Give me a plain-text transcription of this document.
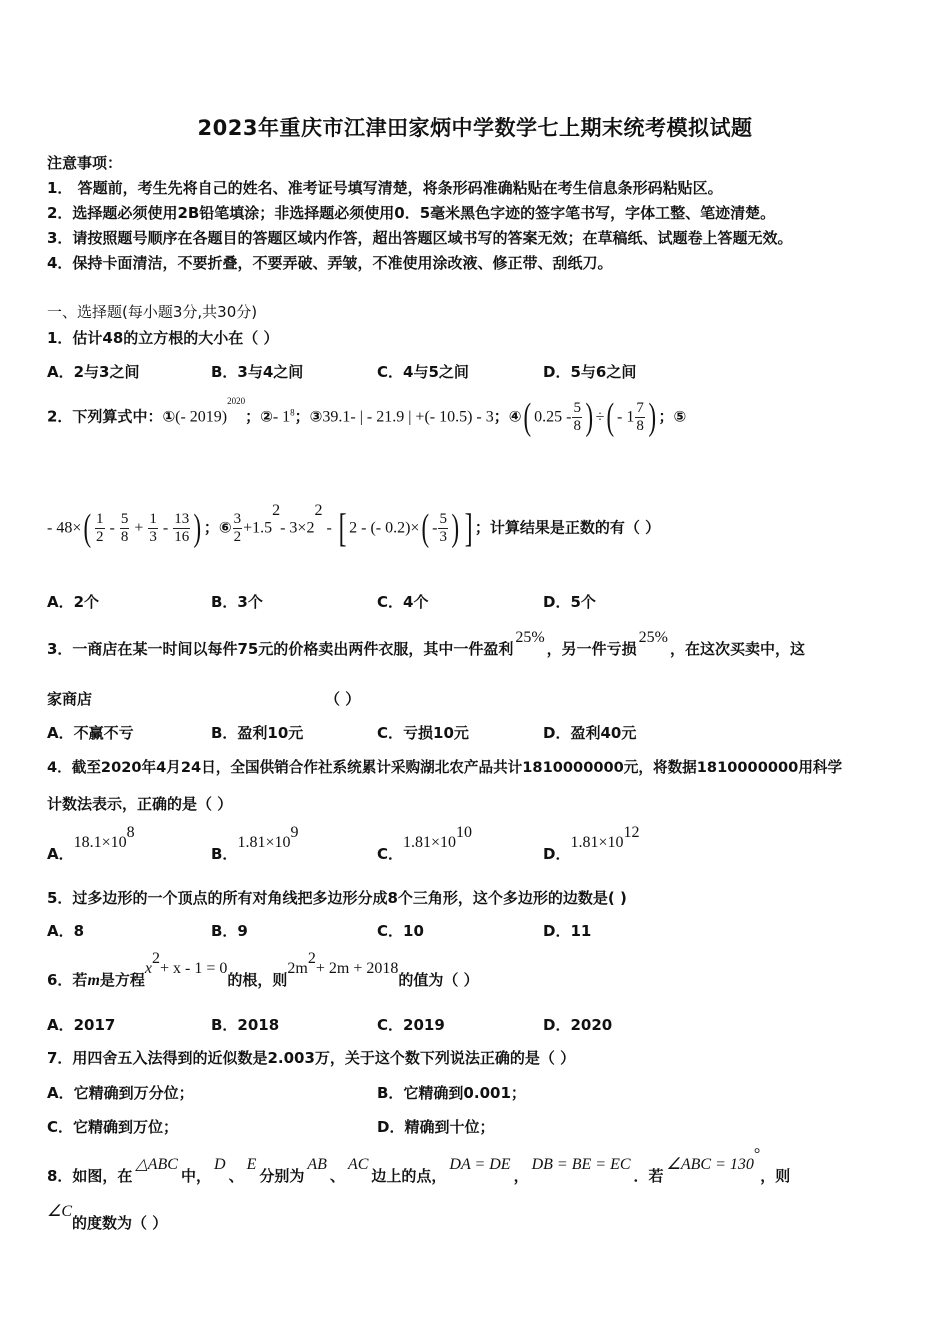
2023年重庆市江津田家炳中学数学七上期末统考模拟试题
注意事项：
1． 答题前，考生先将自己的姓名、准考证号填写清楚，将条形码准确粘贴在考生信息条形码粘贴区。
2．选择题必须使用2B铅笔填涂；非选择题必须使用0．5毫米黑色字迹的签字笔书写，字体工整、笔迹清楚。
3．请按照题号顺序在各题目的答题区域内作答，超出答题区域书写的答案无效；在草稿纸、试题卷上答题无效。
4．保持卡面清洁，不要折叠，不要弄破、弄皱，不准使用涂改液、修正带、刮纸刀。
一、选择题(每小题3分,共30分)
1．估计48的立方根的大小在（ ）
A．2与3之间	B．3与4之间	C．4与5之间	D．5与6之间
2．下列算式中：①(- 2019)$^{2020}$；②- $1^8$；③39.1- | - 21.9 | +(- 10.5) - 3；④( $0.25 - \frac{5}{8}$ ) ÷( - $1 \frac{7}{8}$ ) ；⑤
- $48\times( \frac{1}{2} - \frac{5}{8} + \frac{1}{3} - \frac{13}{16}$ ) ；⑥ $\frac{3}{2} +1.5^2-$ $3\times 2^2$ - [ 2 - (- $0.2)\times( - \frac{5}{3}$ ) ] ；计算结果是正数的有（ ）
A．2个	B．3个	C．4个	D．5个
3．一商店在某一时间以每件75元的价格卖出两件衣服，其中一件盈利25%，另一件亏损25%，在这次买卖中，这
家商店	（ ）
A．不赢不亏	B．盈利10元	C．亏损10元	D．盈利40元
4．截至2020年4月24日，全国供销合作社系统累计采购湖北农产品共计1810000000元，将数据1810000000用科学
计数法表示，正确的是（ ）
A．$18.1\times 10^8$
B．$1.81\times 10^9$
C．$1.81\times 10^{10}$
D．$1.81\times 10^{12}$
5．过多边形的一个顶点的所有对角线把多边形分成8个三角形，这个多边形的边数是( )
A．8	B．9	C．10	D．11
6．若m是方程$x^2+ x - 1 = 0$的根，则$2m^2+ 2m + 2018$的值为（ ）
A．2017	B．2018	C．2019	D．2020
7．用四舍五入法得到的近似数是2.003万，关于这个数下列说法正确的是（ ）
A．它精确到万分位；	B．它精确到0.001；
C．它精确到万位；	D．精确到十位；
8．如图，在△ABC中，D、E分别为AB、AC边上的点，DA = DE，DB = BE = EC．若∠ABC = 130°，则
∠C的度数为（ ）
